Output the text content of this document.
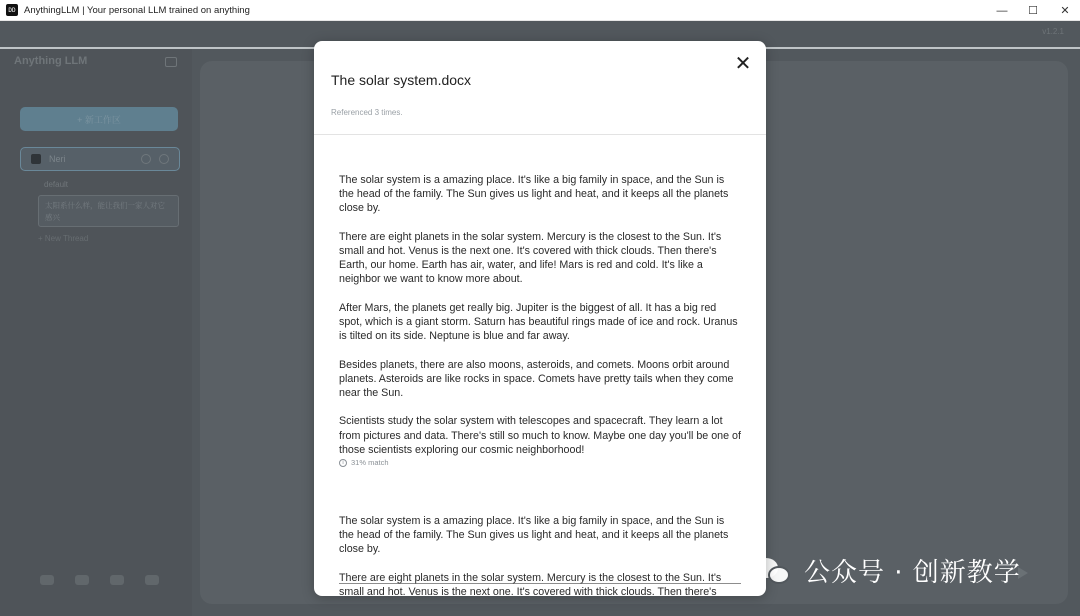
DD AnythingLLM | Your personal LLM trained on anything	—	☐	✕
v1.2.1
Anything LLM
+ 新工作区
Neri
default
太阳系什么样，能让我们一家人对它感兴
+ New Thread
公众号 · 创新教学
The solar system.docx
✕
Referenced 3 times.

The solar system is a amazing place. It's like a big family in space, and the Sun is the head of the family. The Sun gives us light and heat, and it keeps all the planets close by.

There are eight planets in the solar system. Mercury is the closest to the Sun. It's small and hot. Venus is the next one. It's covered with thick clouds. Then there's Earth, our home. Earth has air, water, and life! Mars is red and cold. It's like a neighbor we want to know more about.

After Mars, the planets get really big. Jupiter is the biggest of all. It has a big red spot, which is a giant storm. Saturn has beautiful rings made of ice and rock. Uranus is tilted on its side. Neptune is blue and far away.

Besides planets, there are also moons, asteroids, and comets. Moons orbit around planets. Asteroids are like rocks in space. Comets have pretty tails when they come near the Sun.

Scientists study the solar system with telescopes and spacecraft. They learn a lot from pictures and data. There's still so much to know. Maybe one day you'll be one of those scientists exploring our cosmic neighborhood!

i 31% match

The solar system is a amazing place. It's like a big family in space, and the Sun is the head of the family. The Sun gives us light and heat, and it keeps all the planets close by.

There are eight planets in the solar system. Mercury is the closest to the Sun. It's small and hot. Venus is the next one. It's covered with thick clouds. Then there's
